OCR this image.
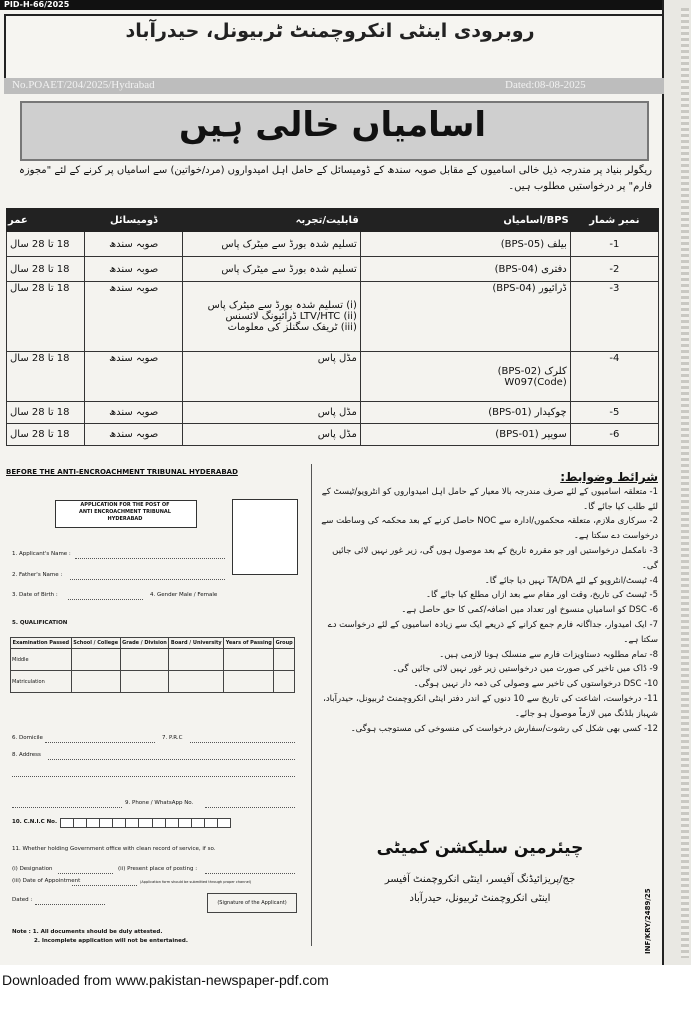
PID-H-66/2025
روبرودی اینٹی انکروچمنٹ ٹربیونل، حیدرآباد
No.POAET/204/2025/Hydrabad	Dated:08-08-2025
اسامیاں خالی ہیں
ریگولر بنیاد پر مندرجہ ذیل خالی اسامیوں کے مقابل صوبہ سندھ کے ڈومیسائل کے حامل اہل امیدواروں (مرد/خواتین) سے اسامیاں پر کرنے کے لئے "مجوزہ فارم" پر درخواستیں مطلوب ہیں۔
عمر	ڈومیسائل	قابلیت/تجربہ	اسامیاں/BPS	نمبر شمار
18 تا 28 سال	صوبہ سندھ	تسلیم شدہ بورڈ سے میٹرک پاس	بیلف (BPS-05)	-1
18 تا 28 سال	صوبہ سندھ	تسلیم شدہ بورڈ سے میٹرک پاس	دفتری (BPS-04)	-2
18 تا 28 سال	صوبہ سندھ	(i) تسلیم شدہ بورڈ سے میٹرک پاس
(ii) LTV/HTC ڈرائیونگ لائسنس
(iii) ٹریفک سگنلز کی معلومات	ڈرائیور (BPS-04)	-3
18 تا 28 سال	صوبہ سندھ	مڈل پاس	کلرک (BPS-02)
W097(Code)	-4
18 تا 28 سال	صوبہ سندھ	مڈل پاس	چوکیدار (BPS-01)	-5
18 تا 28 سال	صوبہ سندھ	مڈل پاس	سویپر (BPS-01)	-6
BEFORE THE ANTI-ENCROACHMENT TRIBUNAL HYDERABAD
APPLICATION FOR THE POST OF
ANTI ENCROACHMENT TRIBUNAL
HYDERABAD
1. Applicant's Name :
2. Father's Name :
3. Date of Birth :	4. Gender Male / Female
5. QUALIFICATION
Examination Passed	School / College	Grade / Division	Board / University	Years of Passing	Group
Middle					
Matriculation					
6. Domicile	7. P.R.C
8. Address
9. Phone / WhatsApp No.
10. C.N.I.C No.
11. Whether holding Government office with clean record of service, if so.
(i) Designation	(ii) Present place of posting :
(iii) Date of Appointment	(Application form should be submitted through proper channel)
Dated :	(Signature of the Applicant)
Note : 1. All documents should be duly attested.
2. Incomplete application will not be entertained.
شرائط وضوابط:
1- متعلقہ اسامیوں کے لئے صرف مندرجہ بالا معیار کے حامل اہل امیدواروں کو انٹرویو/ٹیسٹ کے لئے طلب کیا جائے گا۔
2- سرکاری ملازم، متعلقہ محکموں/ادارہ سے NOC حاصل کرنے کے بعد محکمہ کی وساطت سے درخواست دے سکتا ہے۔
3- نامکمل درخواستیں اور جو مقررہ تاریخ کے بعد موصول ہوں گی، زیر غور نہیں لائی جائیں گی۔
4- ٹیسٹ/انٹرویو کے لئے TA/DA نہیں دیا جائے گا۔
5- ٹیسٹ کی تاریخ، وقت اور مقام سے بعد ازاں مطلع کیا جائے گا۔
6- DSC کو اسامیاں منسوخ اور تعداد میں اضافہ/کمی کا حق حاصل ہے۔
7- ایک امیدوار، جداگانہ فارم جمع کرانے کے ذریعے ایک سے زیادہ اسامیوں کے لئے درخواست دے سکتا ہے۔
8- تمام مطلوبہ دستاویزات فارم سے منسلک ہونا لازمی ہیں۔
9- ڈاک میں تاخیر کی صورت میں درخواستیں زیر غور نہیں لائی جائیں گی۔
10- DSC درخواستوں کی تاخیر سے وصولی کی ذمہ دار نہیں ہوگی۔
11- درخواست، اشاعت کی تاریخ سے 10 دنوں کے اندر دفتر اینٹی انکروچمنٹ ٹربیونل، حیدرآباد، شہباز بلڈنگ میں لازماً موصول ہو جائے۔
12- کسی بھی شکل کی رشوت/سفارش درخواست کی منسوخی کی مستوجب ہوگی۔
چیئرمین سلیکشن کمیٹی
جج/پریزائیڈنگ آفیسر، اینٹی انکروچمنٹ آفیسر
اینٹی انکروچمنٹ ٹربیونل، حیدرآباد	INF/KRY/2489/25
Downloaded from www.pakistan-newspaper-pdf.com
